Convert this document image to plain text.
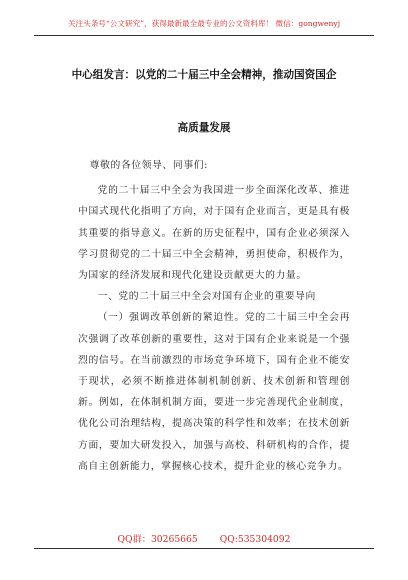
关注头条号“公文研究”，获得最新最全最专业的公文资料库！ 微信：gongwenyj
中心组发言：以党的二十届三中全会精神，推动国资国企
高质量发展

尊敬的各位领导、同事们:

党的二十届三中全会为我国进一步全面深化改革、推进中国式现代化指明了方向，对于国有企业而言，更是具有极其重要的指导意义。在新的历史征程中，国有企业必须深入学习贯彻党的二十届三中全会精神，勇担使命，积极作为，为国家的经济发展和现代化建设贡献更大的力量。

一、党的二十届三中全会对国有企业的重要导向

（一）强调改革创新的紧迫性。党的二十届三中全会再次强调了改革创新的重要性，这对于国有企业来说是一个强烈的信号。在当前激烈的市场竞争环境下，国有企业不能安于现状，必须不断推进体制机制创新、技术创新和管理创新。例如，在体制机制方面，要进一步完善现代企业制度，优化公司治理结构，提高决策的科学性和效率；在技术创新方面，要加大研发投入，加强与高校、科研机构的合作，提高自主创新能力，掌握核心技术，提升企业的核心竞争力。

QQ群：30265665 QQ:535304092
